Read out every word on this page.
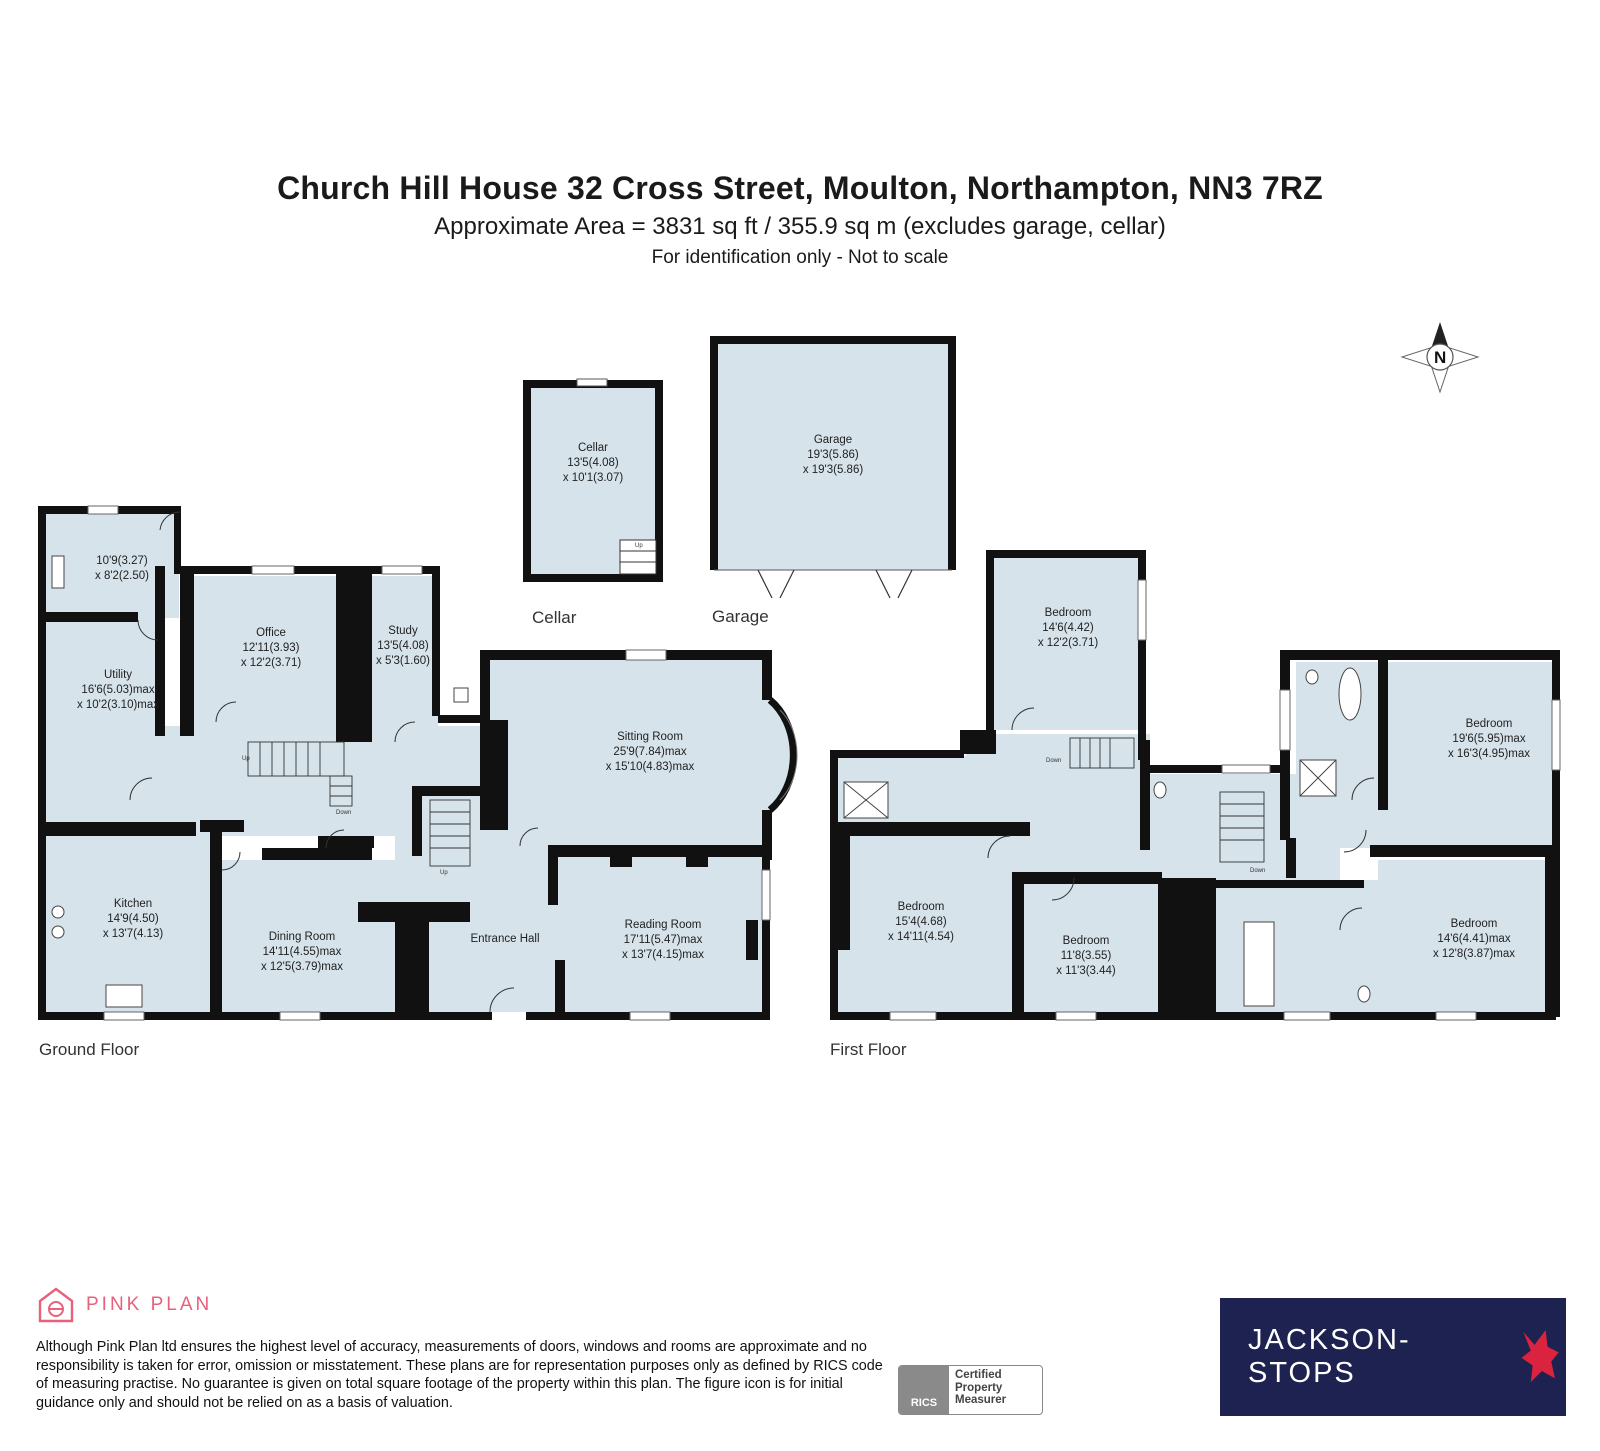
Church Hill House 32 Cross Street, Moulton, Northampton, NN3 7RZ
Approximate Area = 3831 sq ft / 355.9 sq m (excludes garage, cellar)
For identification only - Not to scale
Up
Up
Down
Up
Down
Down
N
Cellar
13'5(4.08)
x 10'1(3.07)
Garage
19'3(5.86)
x 19'3(5.86)
10'9(3.27)
x 8'2(2.50)
Utility
16'6(5.03)max
x 10'2(3.10)max
Office
12'11(3.93)
x 12'2(3.71)
Study
13'5(4.08)
x 5'3(1.60)
Sitting Room
25'9(7.84)max
x 15'10(4.83)max
Kitchen
14'9(4.50)
x 13'7(4.13)	Dining Room
14'11(4.55)max
x 12'5(3.79)max
Entrance Hall
Reading Room
17'11(5.47)max
x 13'7(4.15)max
Bedroom
14'6(4.42)
x 12'2(3.71)
Bedroom
19'6(5.95)max
x 16'3(4.95)max
Bedroom
15'4(4.68)
x 14'11(4.54)	Bedroom
11'8(3.55)
x 11'3(3.44)
Bedroom
14'6(4.41)max
x 12'8(3.87)max
Cellar	Garage
Ground Floor	First Floor
PINK PLAN
Although Pink Plan ltd ensures the highest level of accuracy, measurements of doors, windows and rooms are approximate and no responsibility is taken for error, omission or misstatement. These plans are for representation purposes only as defined by RICS code of measuring practise. No guarantee is given on total square footage of the property within this plan. The figure icon is for initial guidance only and should not be relied on as a basis of valuation.	RICS
Certified
Property
Measurer
JACKSON-STOPS
